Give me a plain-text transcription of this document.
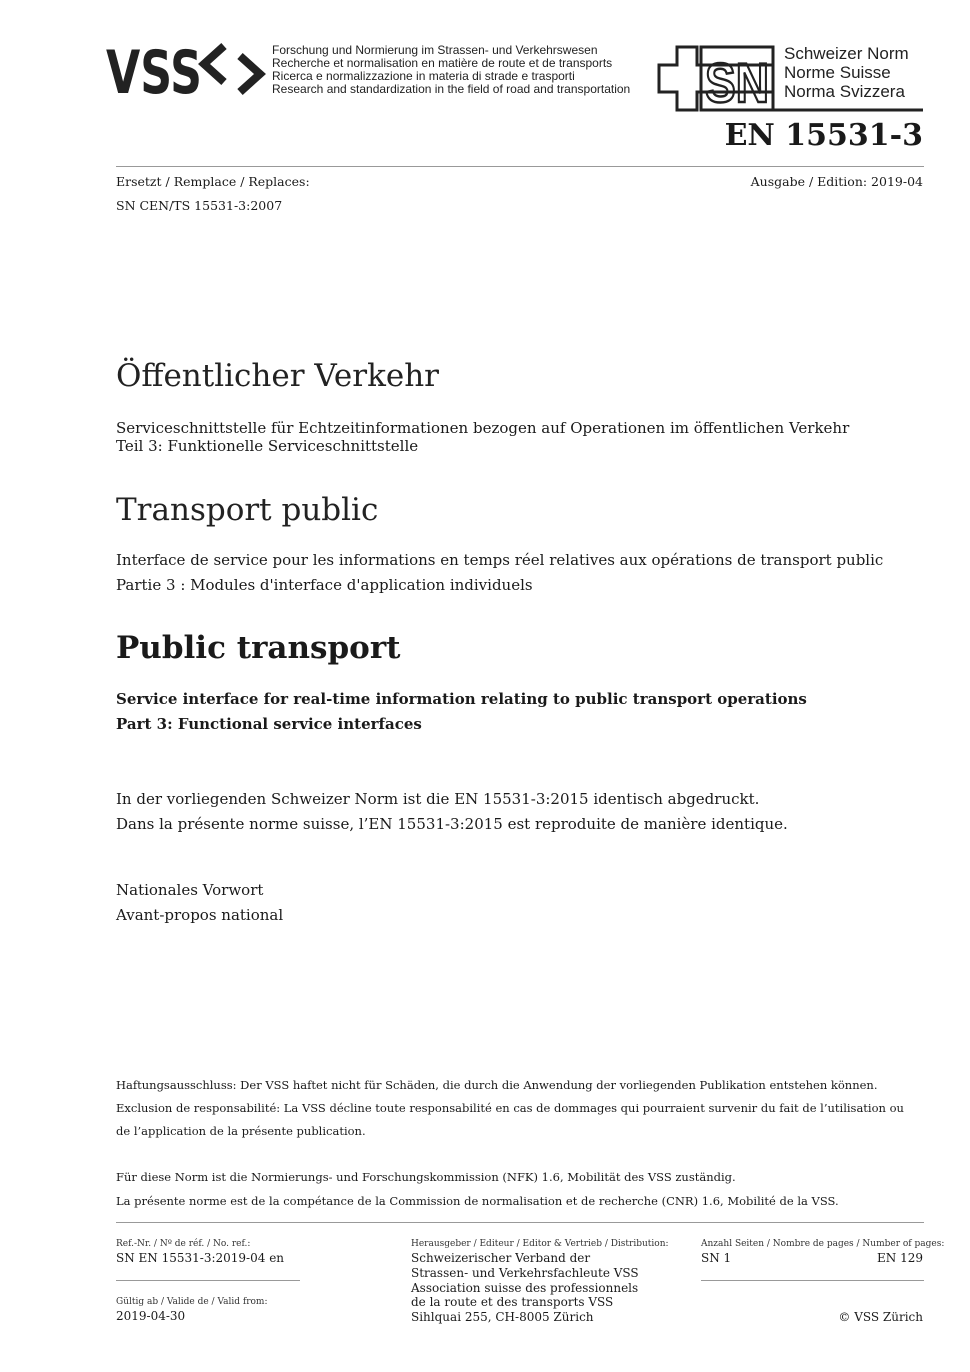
VSS	Forschung und Normierung im Strassen- und Verkehrswesen
Recherche et normalisation en matière de route et de transports
Ricerca e normalizzazione in materia di strade e trasporti
Research and standardization in the field of road and transportation SN Schweizer Norm
Norme Suisse
Norma Svizzera
EN 15531-3
Ersetzt / Remplace / Replaces:
SN CEN/TS 15531-3:2007
Ausgabe / Edition: 2019-04
Öffentlicher Verkehr
Serviceschnittstelle für Echtzeitinformationen bezogen auf Operationen im öffentlichen Verkehr
Teil 3: Funktionelle Serviceschnittstelle
Transport public
Interface de service pour les informations en temps réel relatives aux opérations de transport public
Partie 3 : Modules d'interface d'application individuels
Public transport
Service interface for real-time information relating to public transport operations
Part 3: Functional service interfaces
In der vorliegenden Schweizer Norm ist die EN 15531-3:2015 identisch abgedruckt.
Dans la présente norme suisse, l’EN 15531-3:2015 est reproduite de manière identique.
Nationales Vorwort
Avant-propos national
Haftungsausschluss: Der VSS haftet nicht für Schäden, die durch die Anwendung der vorliegenden Publikation entstehen können.
Exclusion de responsabilité: La VSS décline toute responsabilité en cas de dommages qui pourraient survenir du fait de l’utilisation ou
de l’application de la présente publication.
Für diese Norm ist die Normierungs- und Forschungskommission (NFK) 1.6, Mobilität des VSS zuständig.
La présente norme est de la compétance de la Commission de normalisation et de recherche (CNR) 1.6, Mobilité de la VSS.
Ref.-Nr. / Nº de réf. / No. ref.:
SN EN 15531-3:2019-04 en
Gültig ab / Valide de / Valid from:
2019-04-30
Herausgeber / Editeur / Editor & Vertrieb / Distribution:
Schweizerischer Verband der
Strassen- und Verkehrsfachleute VSS
Association suisse des professionnels
de la route et des transports VSS
Sihlquai 255, CH-8005 Zürich
Anzahl Seiten / Nombre de pages / Number of pages:
SN 1	EN 129
© VSS Zürich
